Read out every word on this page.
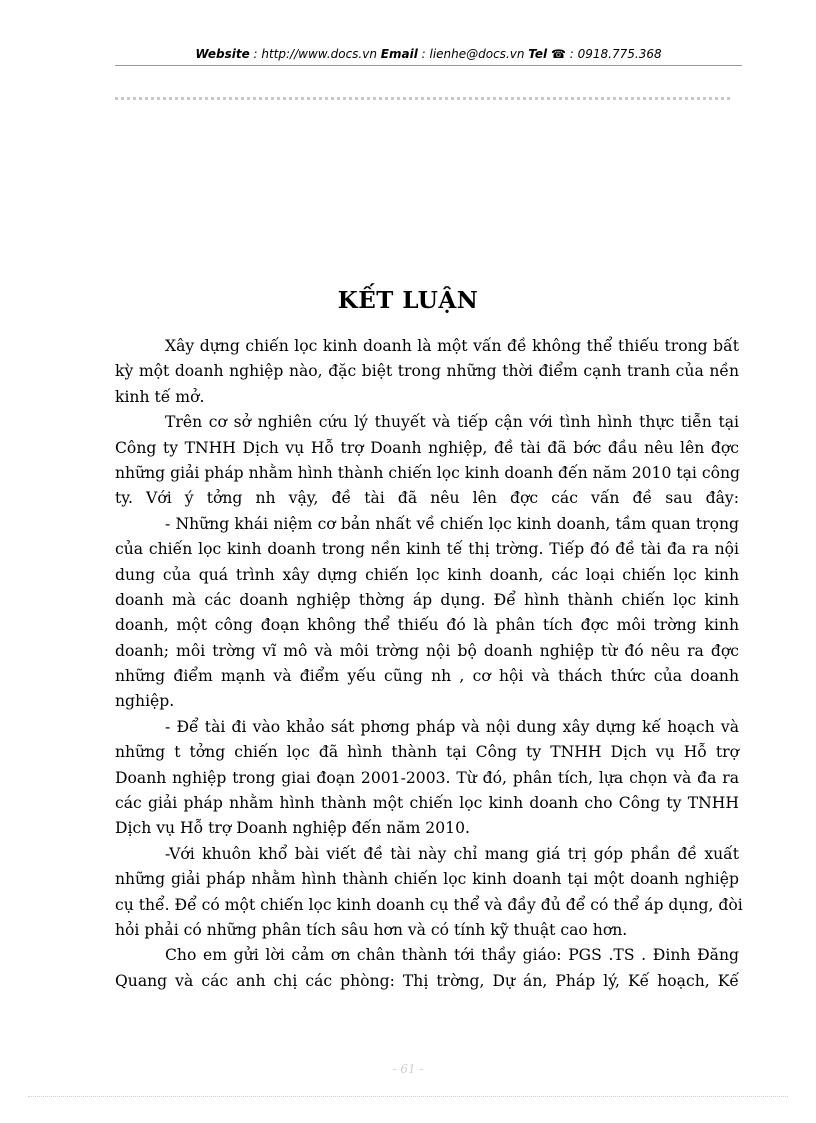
Website : http://www.docs.vn Email : lienhe@docs.vn Tel ☎ : 0918.775.368
KẾT LUẬN
Xây dựng chiến lọc kinh doanh là một vấn đề không thể thiếu trong bất
kỳ một doanh nghiệp nào, đặc biệt trong những thời điểm cạnh tranh của nền
kinh tế mở.
Trên cơ sở nghiên cứu lý thuyết và tiếp cận với tình hình thực tiễn tại
Công ty TNHH Dịch vụ Hỗ trợ Doanh nghiệp, đề tài đã bớc đầu nêu lên đợc
những giải pháp nhằm hình thành chiến lọc kinh doanh đến năm 2010 tại công
ty. Với ý tởng nh vậy, đề tài đã nêu lên đợc các vấn đề sau đây:
- Những khái niệm cơ bản nhất về chiến lọc kinh doanh, tầm quan trọng
của chiến lọc kinh doanh trong nền kinh tế thị trờng. Tiếp đó đề tài đa ra nội
dung của quá trình xây dựng chiến lọc kinh doanh, các loại chiến lọc kinh
doanh mà các doanh nghiệp thờng áp dụng. Để hình thành chiến lọc kinh
doanh, một công đoạn không thể thiếu đó là phân tích đợc môi trờng kinh
doanh; môi trờng vĩ mô và môi trờng nội bộ doanh nghiệp từ đó nêu ra đợc
những điểm mạnh và điểm yếu cũng nh , cơ hội và thách thức của doanh
nghiệp.
- Để tài đi vào khảo sát phơng pháp và nội dung xây dựng kế hoạch và
những t tởng chiến lọc đã hình thành tại Công ty TNHH Dịch vụ Hỗ trợ
Doanh nghiệp trong giai đoạn 2001-2003. Từ đó, phân tích, lựa chọn và đa ra
các giải pháp nhằm hình thành một chiến lọc kinh doanh cho Công ty TNHH
Dịch vụ Hỗ trợ Doanh nghiệp đến năm 2010.
-Với khuôn khổ bài viết đề tài này chỉ mang giá trị góp phần đề xuất
những giải pháp nhằm hình thành chiến lọc kinh doanh tại một doanh nghiệp
cụ thể. Để có một chiến lọc kinh doanh cụ thể và đầy đủ để có thể áp dụng, đòi
hỏi phải có những phân tích sâu hơn và có tính kỹ thuật cao hơn.
Cho em gửi lời cảm ơn chân thành tới thầy giáo: PGS .TS . Đinh Đăng
Quang và các anh chị các phòng: Thị trờng, Dự án, Pháp lý, Kế hoạch, Kế
- 61 -
